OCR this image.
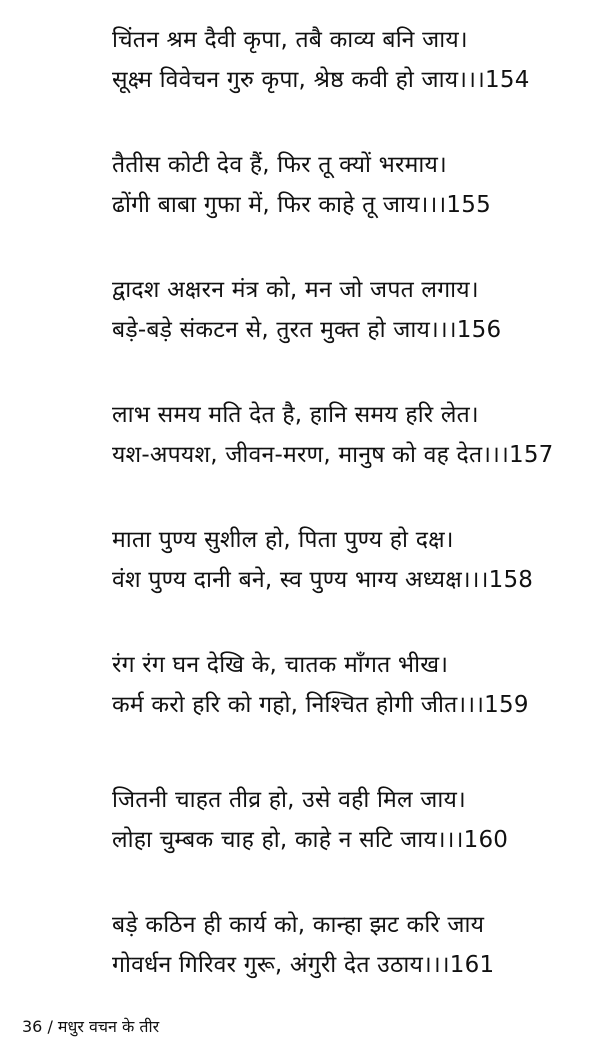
चिंतन श्रम दैवी कृपा, तबै काव्य बनि जाय।
सूक्ष्म विवेचन गुरु कृपा, श्रेष्ठ कवी हो जाय।।।154
तैतीस कोटी देव हैं, फिर तू क्यों भरमाय।
ढोंगी बाबा गुफा में, फिर काहे तू जाय।।।155
द्वादश अक्षरन मंत्र को, मन जो जपत लगाय।
बड़े-बड़े संकटन से, तुरत मुक्त हो जाय।।।156
लाभ समय मति देत है, हानि समय हरि लेत।
यश-अपयश, जीवन-मरण, मानुष को वह देत।।।157
माता पुण्य सुशील हो, पिता पुण्य हो दक्ष।
वंश पुण्य दानी बने, स्व पुण्य भाग्य अध्यक्ष।।।158
रंग रंग घन देखि के, चातक माँगत भीख।
कर्म करो हरि को गहो, निश्चित होगी जीत।।।159
जितनी चाहत तीव्र हो, उसे वही मिल जाय।
लोहा चुम्बक चाह हो, काहे न सटि जाय।।।160
बड़े कठिन ही कार्य को, कान्हा झट करि जाय
गोवर्धन गिरिवर गुरू, अंगुरी देत उठाय।।।161
36 / मधुर वचन के तीर
